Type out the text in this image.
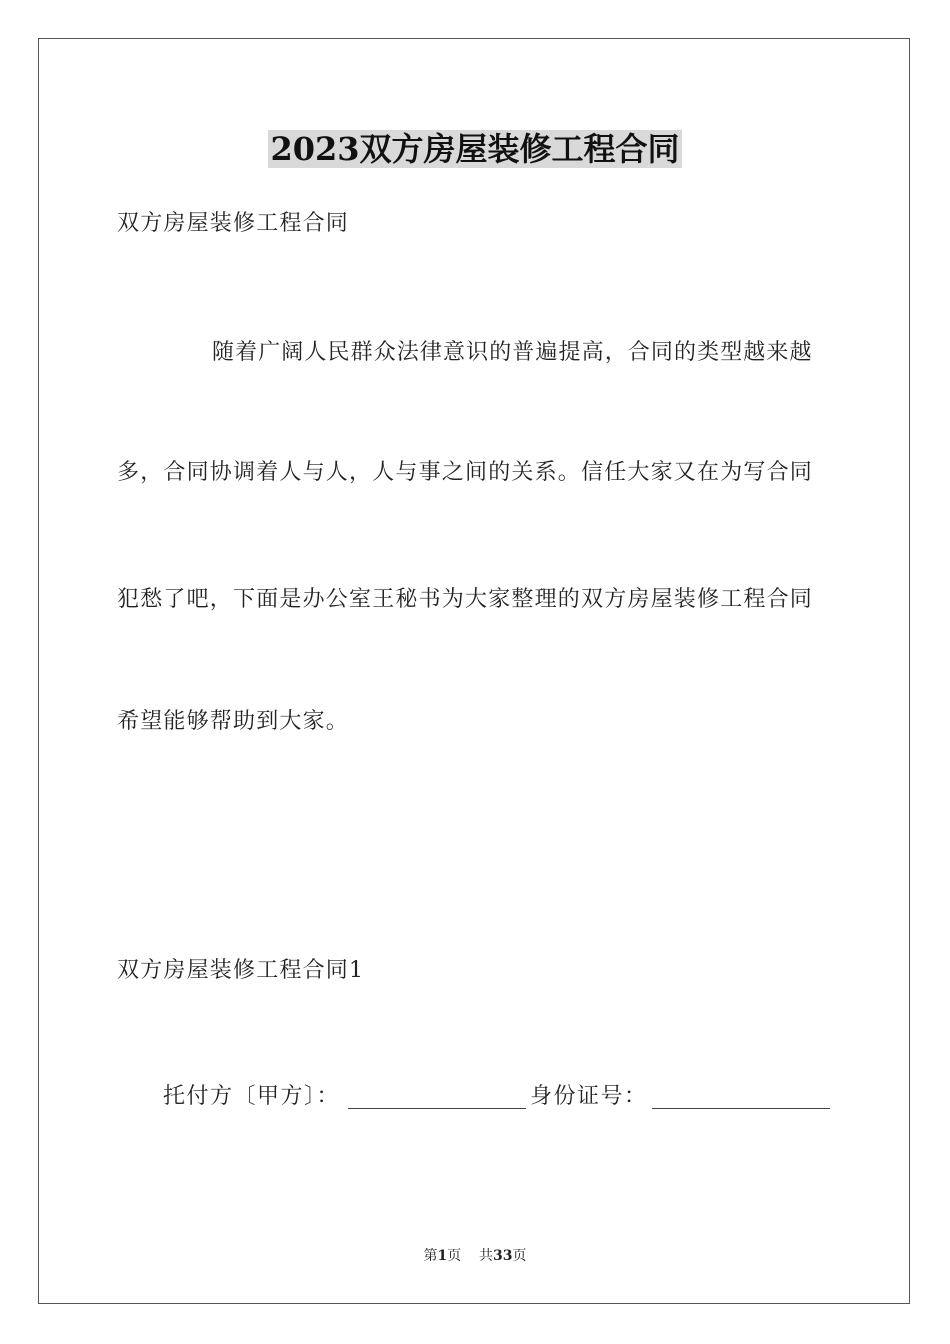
2023双方房屋装修工程合同
双方房屋装修工程合同
随着广阔人民群众法律意识的普遍提高，合同的类型越来越
多，合同协调着人与人，人与事之间的关系。信任大家又在为写合同
犯愁了吧，下面是办公室王秘书为大家整理的双方房屋装修工程合同
希望能够帮助到大家。
双方房屋装修工程合同1
托付方〔甲方〕：	身份证号：
第1页 共33页
